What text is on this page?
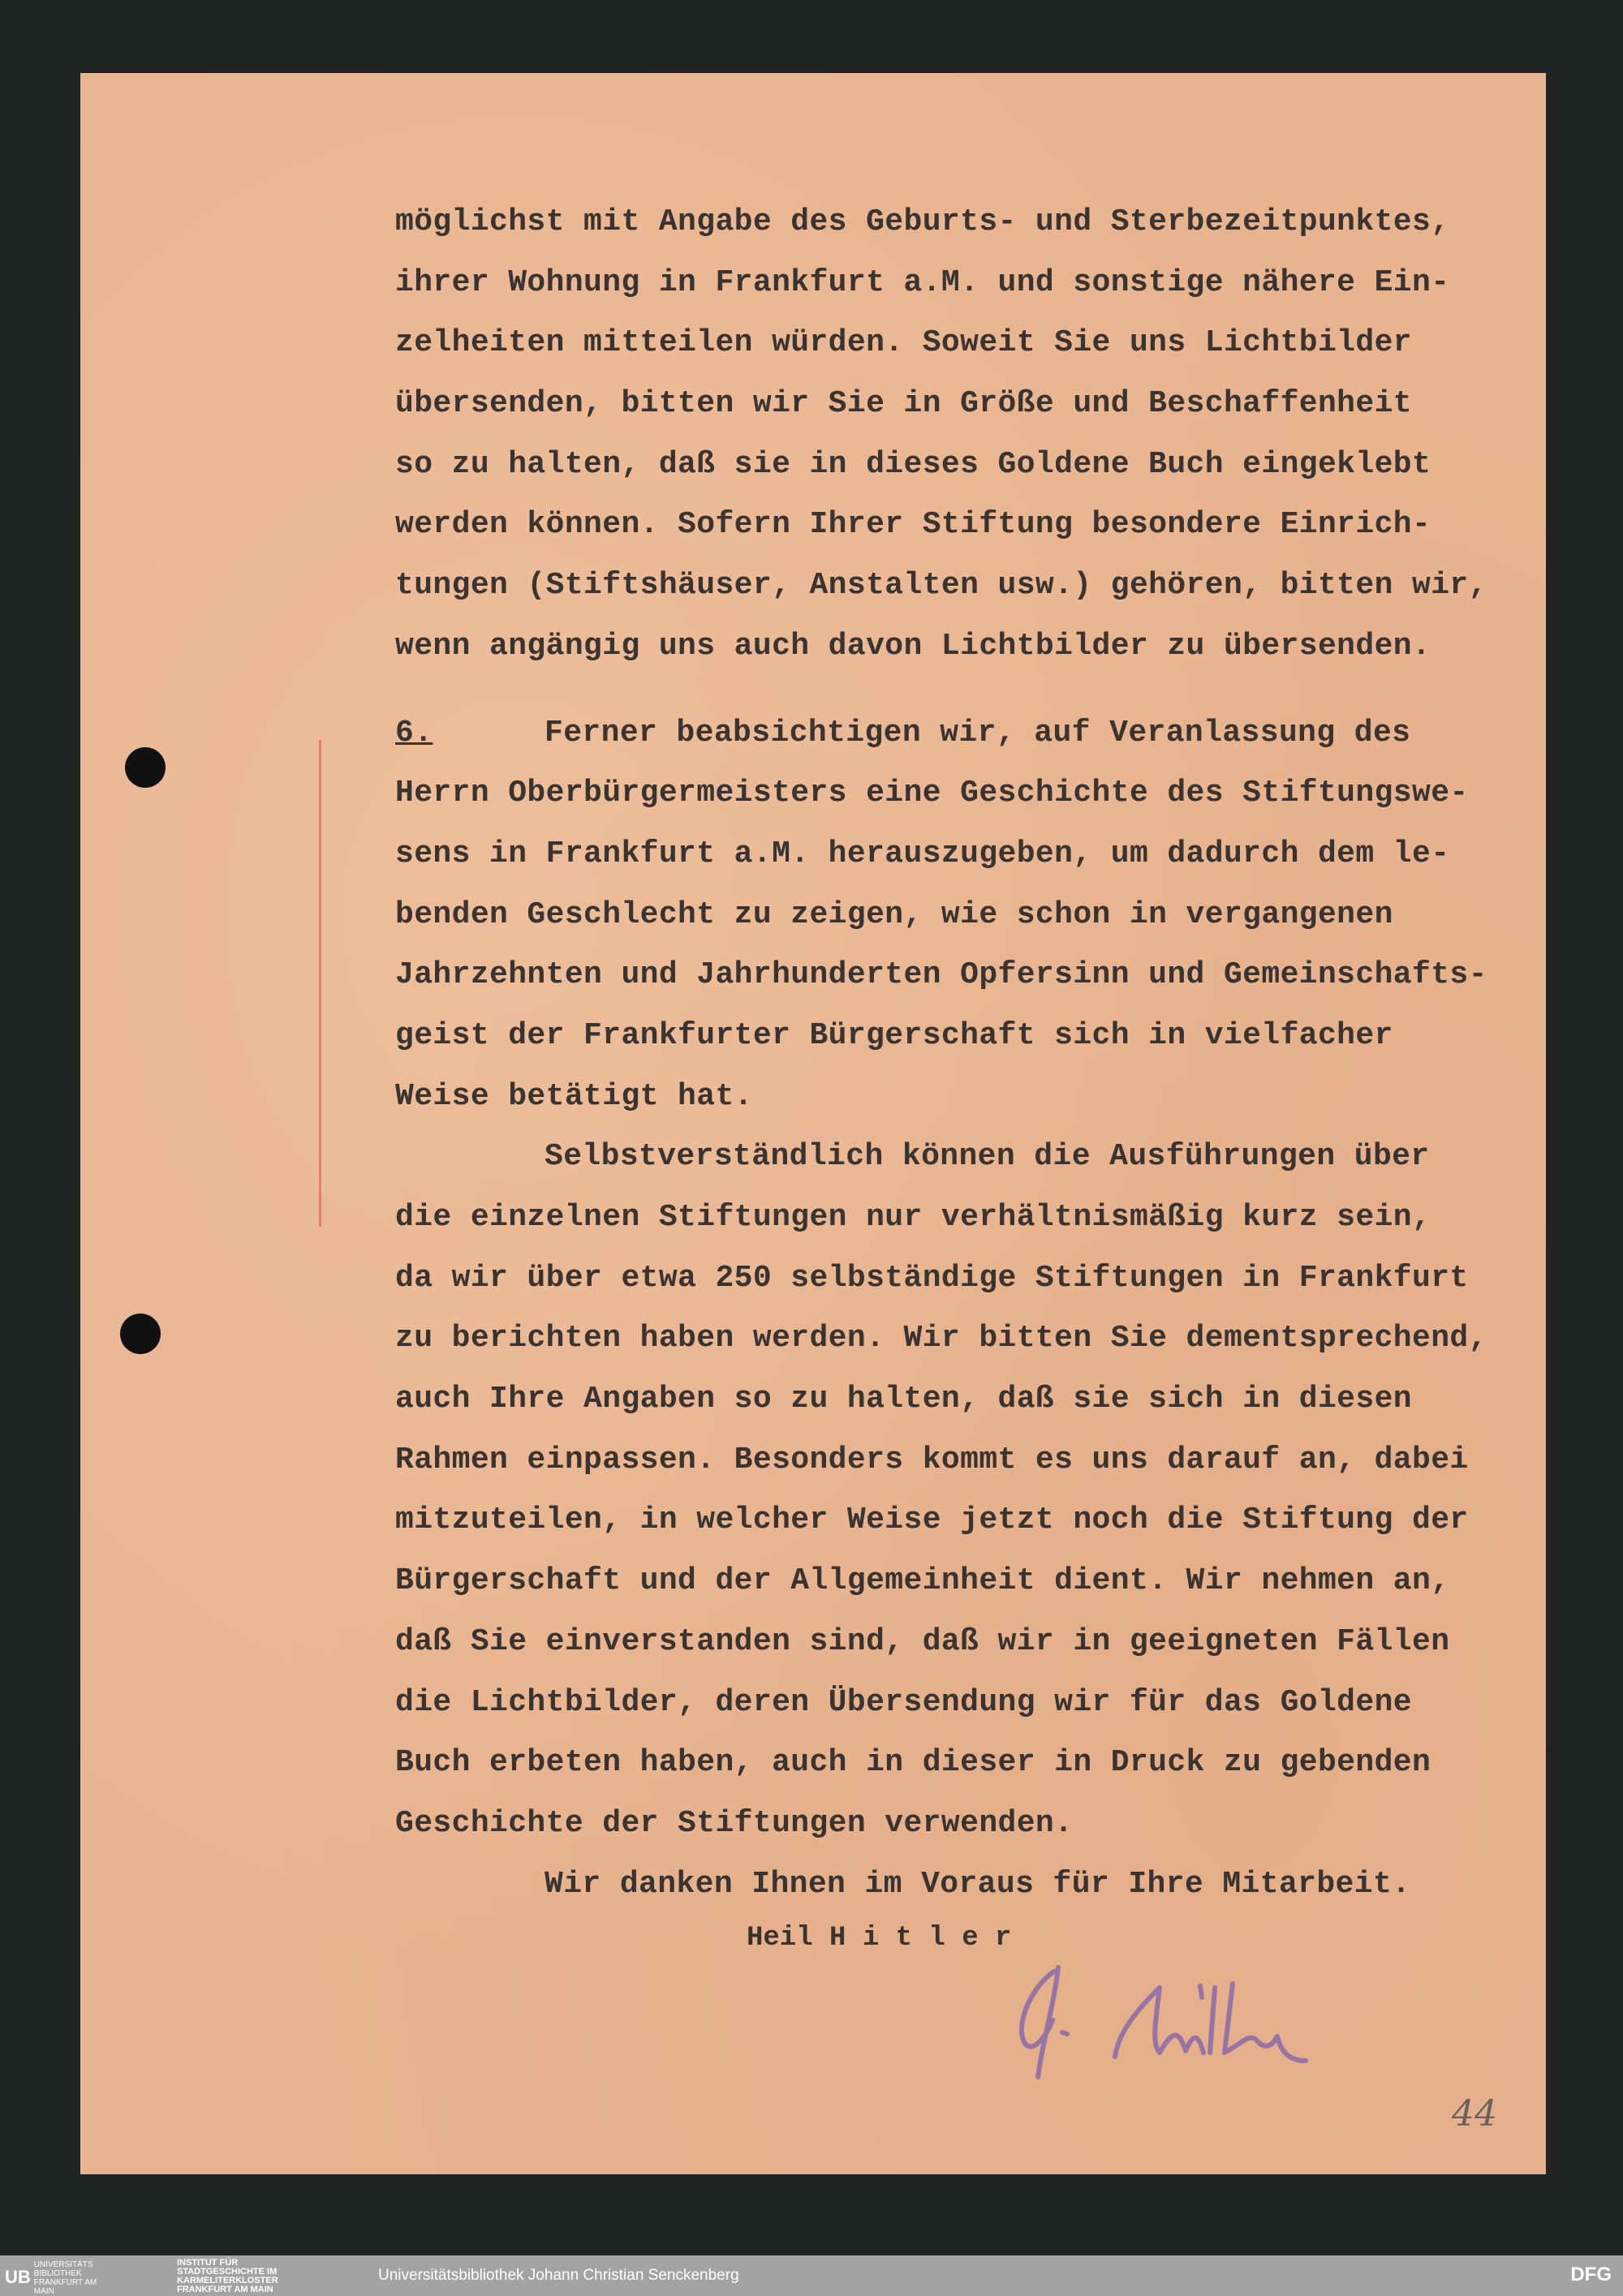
möglichst mit Angabe des Geburts- und Sterbezeitpunktes,
ihrer Wohnung in Frankfurt a.M. und sonstige nähere Ein-
zelheiten mitteilen würden. Soweit Sie uns Lichtbilder
übersenden, bitten wir Sie in Größe und Beschaffenheit
so zu halten, daß sie in dieses Goldene Buch eingeklebt
werden können. Sofern Ihrer Stiftung besondere Einrich-
tungen (Stiftshäuser, Anstalten usw.) gehören, bitten wir,
wenn angängig uns auch davon Lichtbilder zu übersenden.
6.	Ferner beabsichtigen wir, auf Veranlassung des
Herrn Oberbürgermeisters eine Geschichte des Stiftungswe-
sens in Frankfurt a.M. herauszugeben, um dadurch dem le-
benden Geschlecht zu zeigen, wie schon in vergangenen
Jahrzehnten und Jahrhunderten Opfersinn und Gemeinschafts-
geist der Frankfurter Bürgerschaft sich in vielfacher
Weise betätigt hat.
Selbstverständlich können die Ausführungen über
die einzelnen Stiftungen nur verhältnismäßig kurz sein,
da wir über etwa 250 selbständige Stiftungen in Frankfurt
zu berichten haben werden. Wir bitten Sie dementsprechend,
auch Ihre Angaben so zu halten, daß sie sich in diesen
Rahmen einpassen. Besonders kommt es uns darauf an, dabei
mitzuteilen, in welcher Weise jetzt noch die Stiftung der
Bürgerschaft und der Allgemeinheit dient. Wir nehmen an,
daß Sie einverstanden sind, daß wir in geeigneten Fällen
die Lichtbilder, deren Übersendung wir für das Goldene
Buch erbeten haben, auch in dieser in Druck zu gebenden
Geschichte der Stiftungen verwenden.
Wir danken Ihnen im Voraus für Ihre Mitarbeit.
Heil H i t l e r
44
UBUNIVERSITÄTS BIBLIOTHEK FRANKFURT AM MAIN
INSTITUT FÜR STADTGESCHICHTE IM KARMELITERKLOSTER FRANKFURT AM MAIN
Universitätsbibliothek Johann Christian Senckenberg	DFG
